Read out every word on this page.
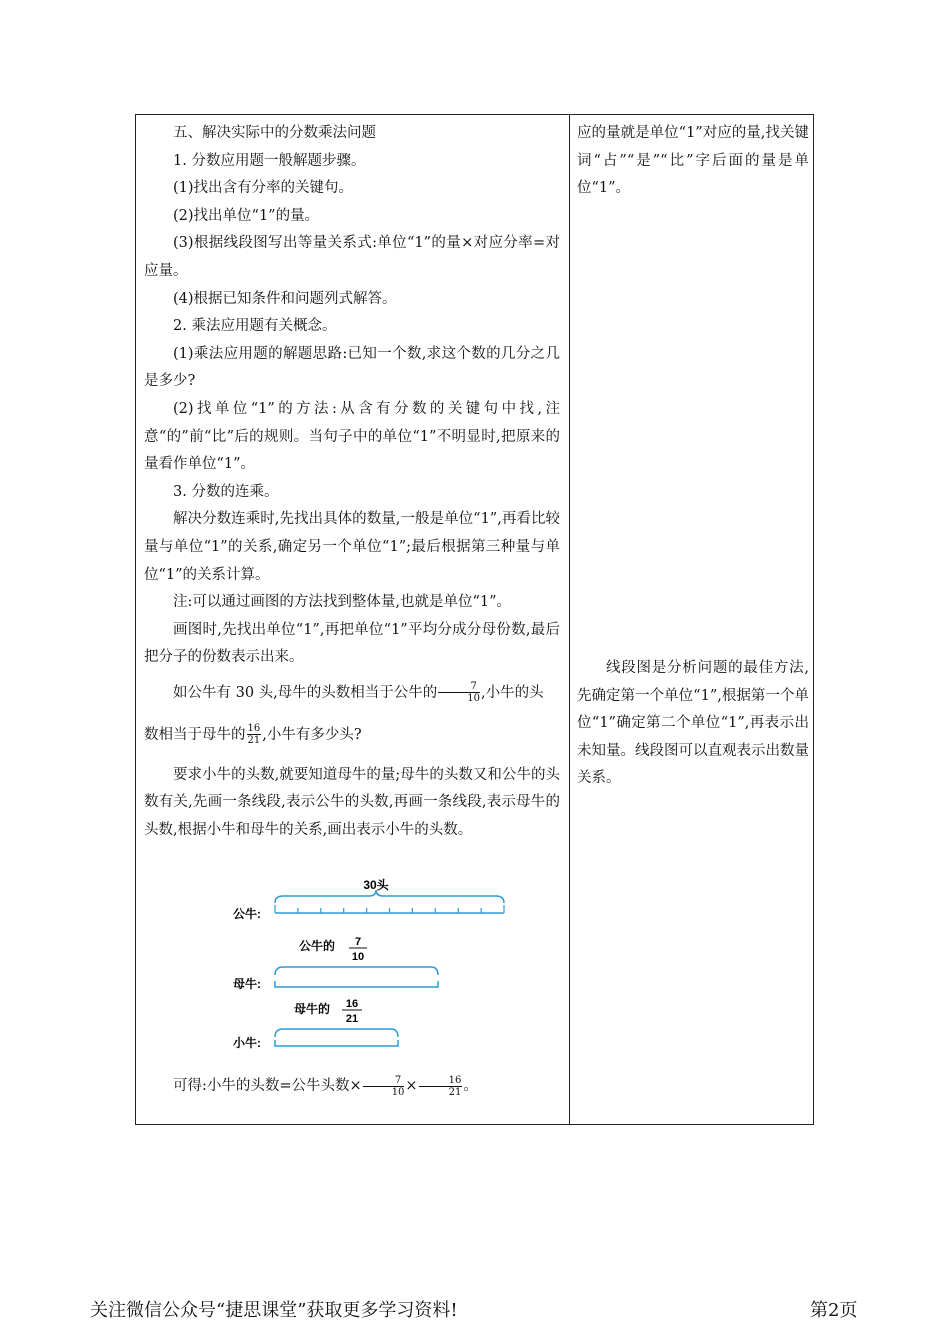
五、解决实际中的分数乘法问题

1. 分数应用题一般解题步骤。

(1)找出含有分率的关键句。

(2)找出单位“1”的量。

(3)根据线段图写出等量关系式:单位“1”的量×对应分率=对应量。

(4)根据已知条件和问题列式解答。

2. 乘法应用题有关概念。

(1)乘法应用题的解题思路:已知一个数,求这个数的几分之几是多少?

(2)找单位“1”的方法:从含有分数的关键句中找,注意“的”前“比”后的规则。当句子中的单位“1”不明显时,把原来的量看作单位“1”。

3. 分数的连乘。

解决分数连乘时,先找出具体的数量,一般是单位“1”,再看比较量与单位“1”的关系,确定另一个单位“1”;最后根据第三种量与单位“1”的关系计算。

注:可以通过画图的方法找到整体量,也就是单位“1”。

画图时,先找出单位“1”,再把单位“1”平均分成分母份数,最后把分子的份数表示出来。

如公牛有 30 头,母牛的头数相当于公牛的 $\frac{7}{10}$ ,小牛的头

数相当于母牛的 $\frac{16}{21}$ ,小牛有多少头?

要求小牛的头数,就要知道母牛的量;母牛的头数又和公牛的头数有关,先画一条线段,表示公牛的头数,再画一条线段,表示母牛的头数,根据小牛和母牛的关系,画出表示小牛的头数。

30头
公牛:
公牛的 7
10
母牛:
母牛的 16
21
小牛:

可得:小牛的头数=公牛头数× $\frac{7}{10} \times \frac{16}{21}$ 。

应的量就是单位“1”对应的量,找关键词“占”“是”“比”字后面的量是单位“1”。

线段图是分析问题的最佳方法,先确定第一个单位“1”,根据第一个单位“1”确定第二个单位“1”,再表示出未知量。线段图可以直观表示出数量关系。

关注微信公众号“捷思课堂”获取更多学习资料!	第2页
